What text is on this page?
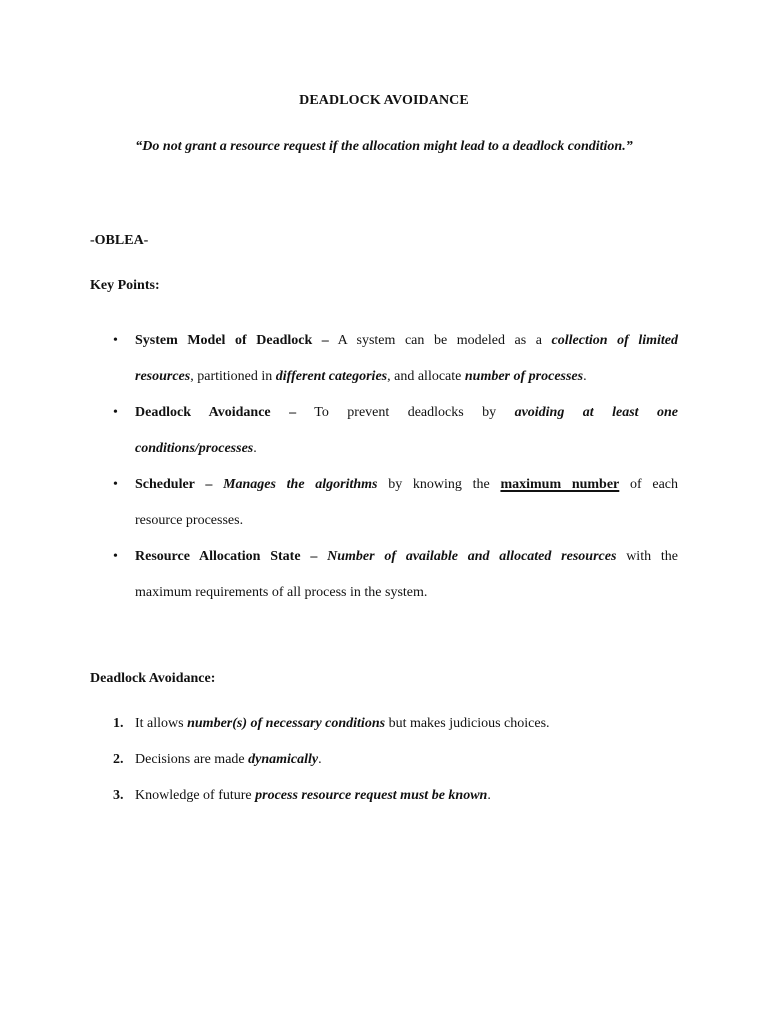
DEADLOCK AVOIDANCE
“Do not grant a resource request if the allocation might lead to a deadlock condition.”
-OBLEA-
Key Points:
• System Model of Deadlock – A system can be modeled as a collection of limited
resources, partitioned in different categories, and allocate number of processes.
• Deadlock Avoidance – To prevent deadlocks by avoiding at least one
conditions/processes.
• Scheduler – Manages the algorithms by knowing the maximum number of each
resource processes.
• Resource Allocation State – Number of available and allocated resources with the
maximum requirements of all process in the system.
Deadlock Avoidance:
1. It allows number(s) of necessary conditions but makes judicious choices.
2. Decisions are made dynamically.
3. Knowledge of future process resource request must be known.
